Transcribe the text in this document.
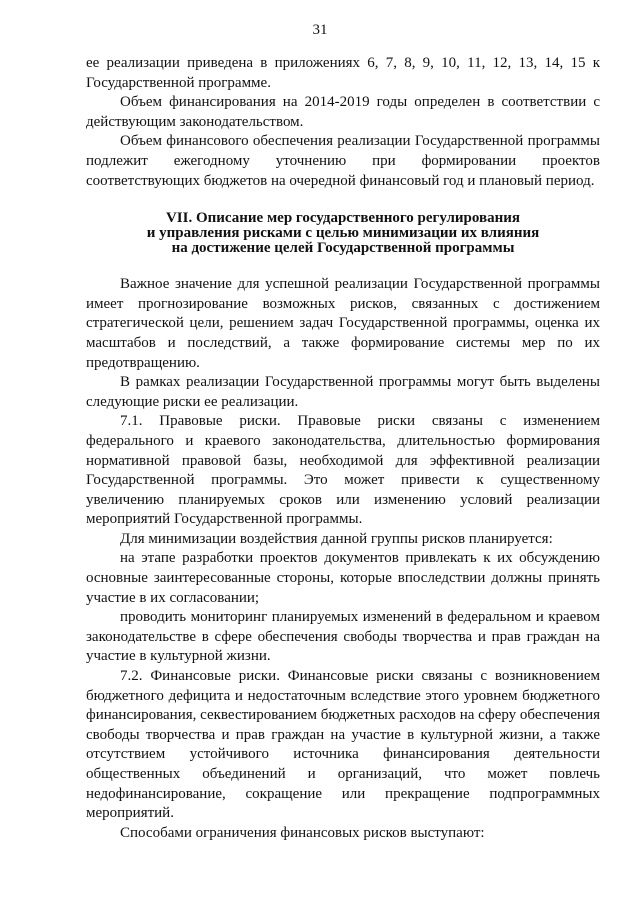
31

ее реализации приведена в приложениях 6, 7, 8, 9, 10, 11, 12, 13, 14, 15 к Государственной программе.

Объем финансирования на 2014-2019 годы определен в соответствии с действующим законодательством.

Объем финансового обеспечения реализации Государственной программы подлежит ежегодному уточнению при формировании проектов соответствующих бюджетов на очередной финансовый год и плановый период.

VII. Описание мер государственного регулирования
и управления рисками с целью минимизации их влияния
на достижение целей Государственной программы

Важное значение для успешной реализации Государственной программы имеет прогнозирование возможных рисков, связанных с достижением стратегической цели, решением задач Государственной программы, оценка их масштабов и последствий, а также формирование системы мер по их предотвращению.

В рамках реализации Государственной программы могут быть выделены следующие риски ее реализации.

7.1. Правовые риски. Правовые риски связаны с изменением федерального и краевого законодательства, длительностью формирования нормативной правовой базы, необходимой для эффективной реализации Государственной программы. Это может привести к существенному увеличению планируемых сроков или изменению условий реализации мероприятий Государственной программы.

Для минимизации воздействия данной группы рисков планируется:

на этапе разработки проектов документов привлекать к их обсуждению основные заинтересованные стороны, которые впоследствии должны принять участие в их согласовании;

проводить мониторинг планируемых изменений в федеральном и краевом законодательстве в сфере обеспечения свободы творчества и прав граждан на участие в культурной жизни.

7.2. Финансовые риски. Финансовые риски связаны с возникновением бюджетного дефицита и недостаточным вследствие этого уровнем бюджетного финансирования, секвестированием бюджетных расходов на сферу обеспечения свободы творчества и прав граждан на участие в культурной жизни, а также отсутствием устойчивого источника финансирования деятельности общественных объединений и организаций, что может повлечь недофинансирование, сокращение или прекращение подпрограммных мероприятий.

Способами ограничения финансовых рисков выступают:
